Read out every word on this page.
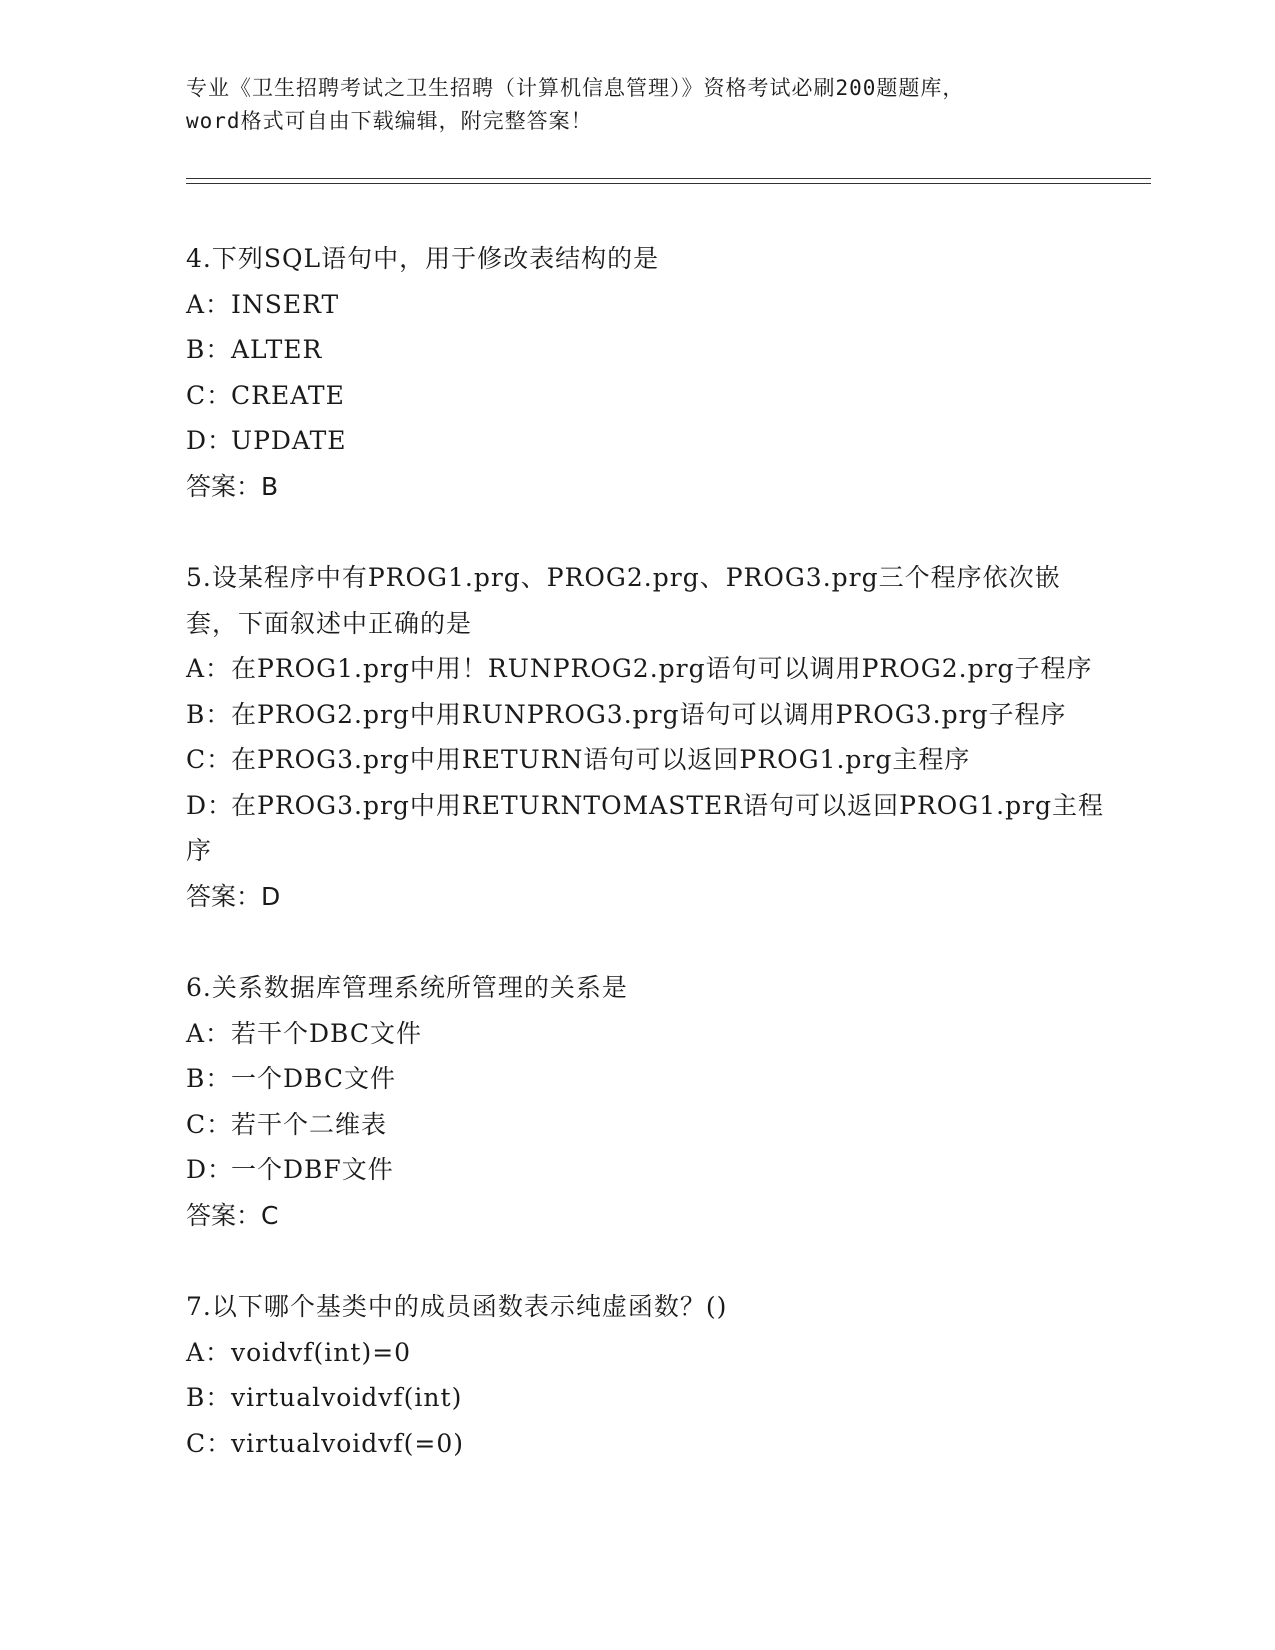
专业《卫生招聘考试之卫生招聘（计算机信息管理）》资格考试必刷200题题库，
word格式可自由下载编辑，附完整答案！
4.下列SQL语句中，用于修改表结构的是
A：INSERT
B：ALTER
C：CREATE
D：UPDATE
答案：B
5.设某程序中有PROG1.prg、PROG2.prg、PROG3.prg三个程序依次嵌
套，下面叙述中正确的是
A：在PROG1.prg中用！RUNPROG2.prg语句可以调用PROG2.prg子程序
B：在PROG2.prg中用RUNPROG3.prg语句可以调用PROG3.prg子程序
C：在PROG3.prg中用RETURN语句可以返回PROG1.prg主程序
D：在PROG3.prg中用RETURNTOMASTER语句可以返回PROG1.prg主程
序
答案：D
6.关系数据库管理系统所管理的关系是
A：若干个DBC文件
B：一个DBC文件
C：若干个二维表
D：一个DBF文件
答案：C
7.以下哪个基类中的成员函数表示纯虚函数？()
A：voidvf(int)=0
B：virtualvoidvf(int)
C：virtualvoidvf(=0)
